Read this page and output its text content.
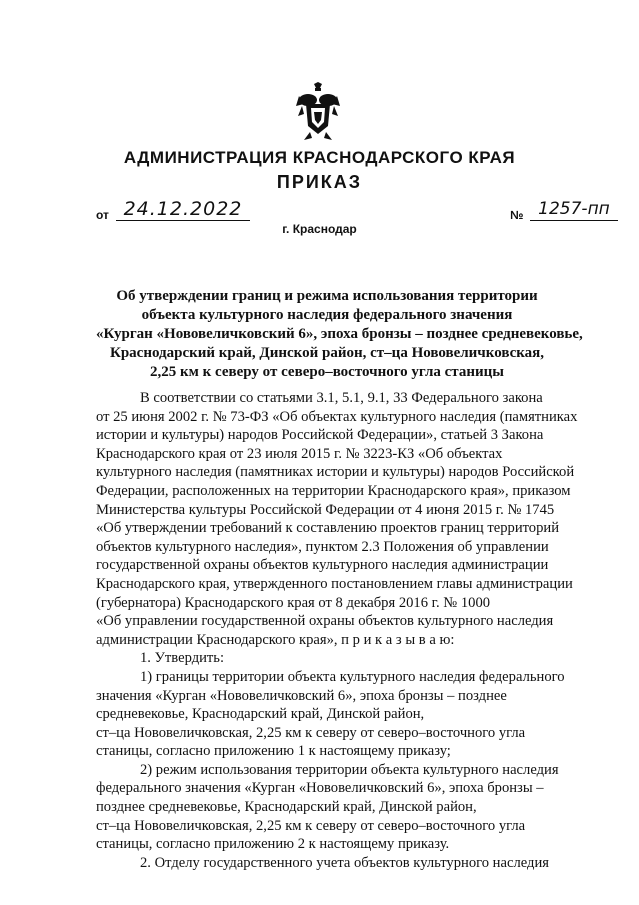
АДМИНИСТРАЦИЯ КРАСНОДАРСКОГО КРАЯ
ПРИКАЗ
от 24.12.2022	№ 1257-пп
г. Краснодар
Об утверждении границ и режима использования территории
объекта культурного наследия федерального значения
«Курган «Нововеличковский 6», эпоха бронзы – позднее средневековье,
Краснодарский край, Динской район, ст–ца Нововеличковская,
2,25 км к северу от северо–восточного угла станицы
В соответствии со статьями 3.1, 5.1, 9.1, 33 Федерального закона
от 25 июня 2002 г. № 73-ФЗ «Об объектах культурного наследия (памятниках
истории и культуры) народов Российской Федерации», статьей 3 Закона
Краснодарского края от 23 июля 2015 г. № 3223-КЗ «Об объектах
культурного наследия (памятниках истории и культуры) народов Российской
Федерации, расположенных на территории Краснодарского края», приказом
Министерства культуры Российской Федерации от 4 июня 2015 г. № 1745
«Об утверждении требований к составлению проектов границ территорий
объектов культурного наследия», пунктом 2.3 Положения об управлении
государственной охраны объектов культурного наследия администрации
Краснодарского края, утвержденного постановлением главы администрации
(губернатора) Краснодарского края от 8 декабря 2016 г. № 1000
«Об управлении государственной охраны объектов культурного наследия
администрации Краснодарского края», п р и к а з ы в а ю:
1. Утвердить:
1) границы территории объекта культурного наследия федерального
значения «Курган «Нововеличковский 6», эпоха бронзы – позднее
средневековье, Краснодарский край, Динской район,
ст–ца Нововеличковская, 2,25 км к северу от северо–восточного угла
станицы, согласно приложению 1 к настоящему приказу;
2) режим использования территории объекта культурного наследия
федерального значения «Курган «Нововеличковский 6», эпоха бронзы –
позднее средневековье, Краснодарский край, Динской район,
ст–ца Нововеличковская, 2,25 км к северу от северо–восточного угла
станицы, согласно приложению 2 к настоящему приказу.
2. Отделу государственного учета объектов культурного наследия
